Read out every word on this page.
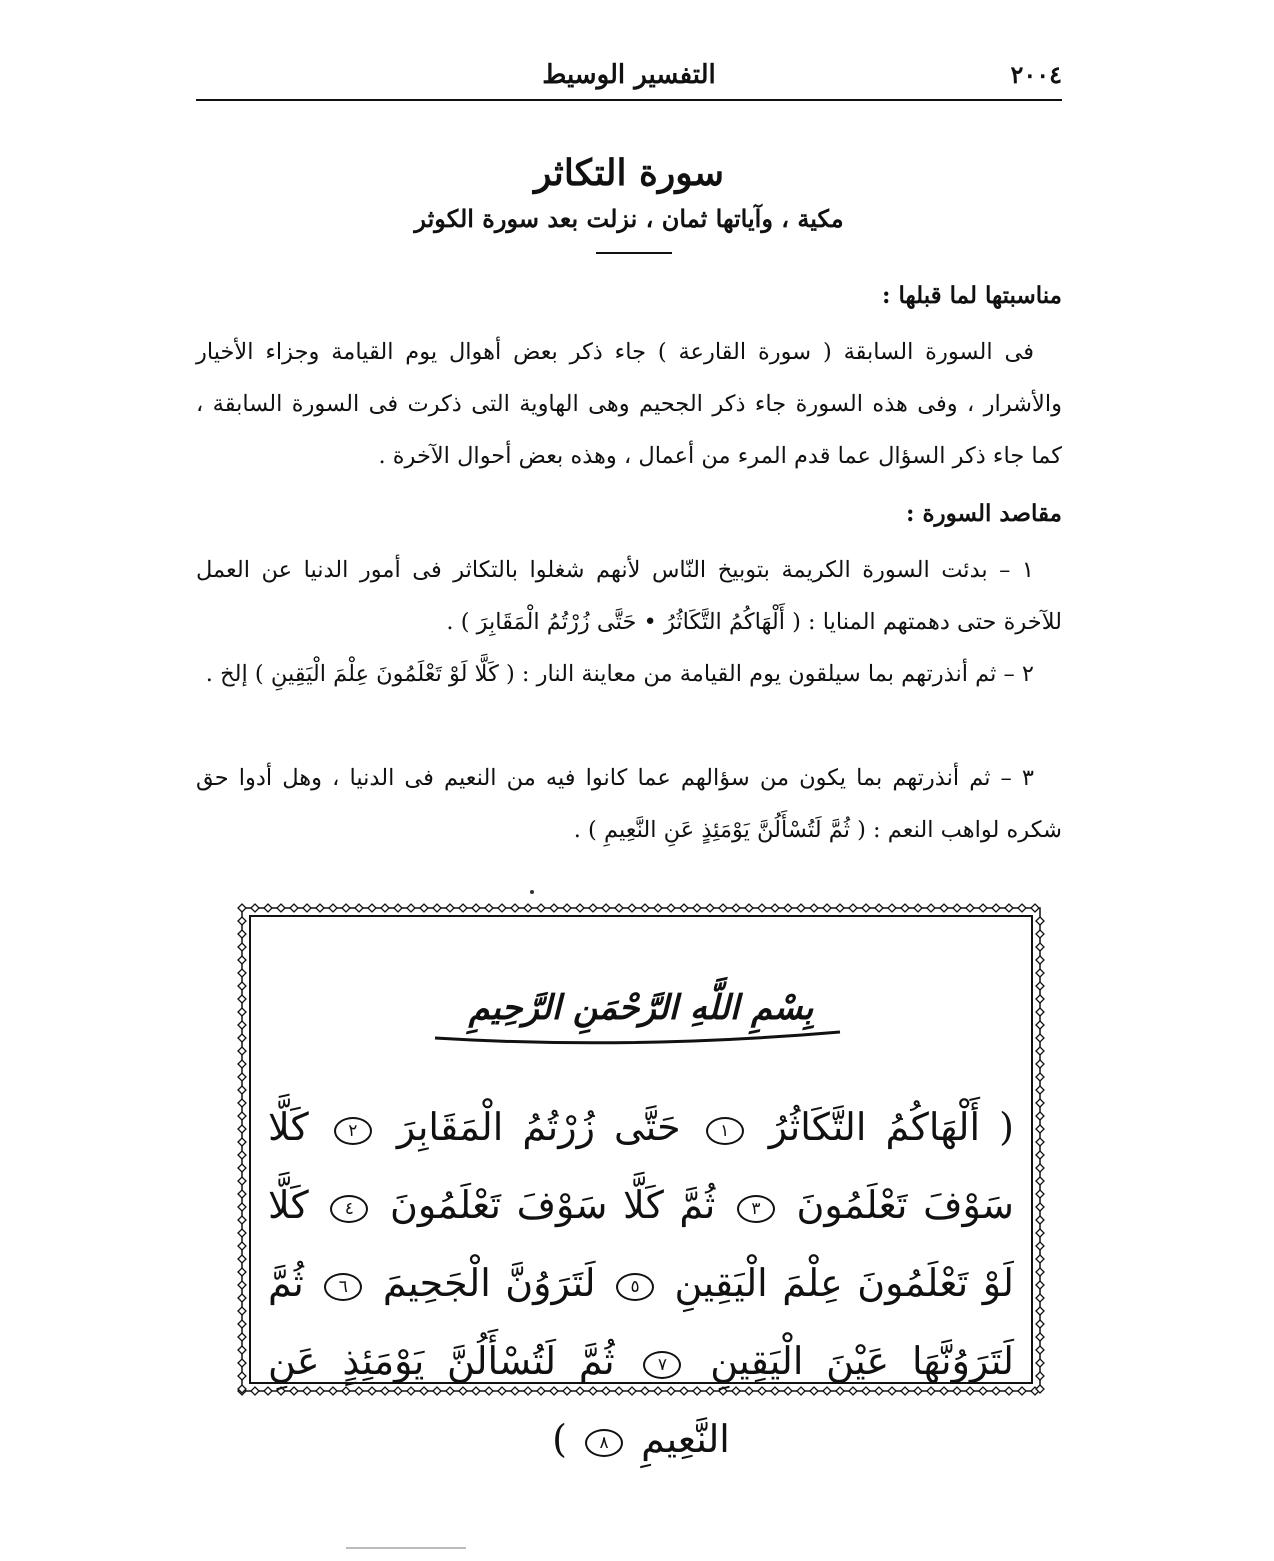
٢٠٠٤
التفسير الوسيط
سورة التكاثر
مكية ، وآياتها ثمان ، نزلت بعد سورة الكوثر
مناسبتها لما قبلها :
فى السورة السابقة ( سورة القارعة ) جاء ذكر بعض أهوال يوم القيامة وجزاء الأخيار والأشرار ، وفى هذه السورة جاء ذكر الجحيم وهى الهاوية التى ذكرت فى السورة السابقة ، كما جاء ذكر السؤال عما قدم المرء من أعمال ، وهذه بعض أحوال الآخرة .
مقاصد السورة :
١ – بدئت السورة الكريمة بتوبيخ النّاس لأنهم شغلوا بالتكاثر فى أمور الدنيا عن العمل للآخرة حتى دهمتهم المنايا : ( أَلْهَاكُمُ التَّكَاثُرُ • حَتَّى زُرْتُمُ الْمَقَابِرَ ) .
٢ – ثم أنذرتهم بما سيلقون يوم القيامة من معاينة النار : ( كَلَّا لَوْ تَعْلَمُونَ عِلْمَ الْيَقِينِ ) إلخ .
٣ – ثم أنذرتهم بما يكون من سؤالهم عما كانوا فيه من النعيم فى الدنيا ، وهل أدوا حق شكره لواهب النعم : ( ثُمَّ لَتُسْأَلُنَّ يَوْمَئِذٍ عَنِ النَّعِيمِ ) .
بِسْمِ اللَّهِ الرَّحْمَنِ الرَّحِيمِ
( أَلْهَاكُمُ التَّكَاثُرُ ١ حَتَّى زُرْتُمُ الْمَقَابِرَ ٢ كَلَّا سَوْفَ تَعْلَمُونَ ٣ ثُمَّ كَلَّا سَوْفَ تَعْلَمُونَ ٤ كَلَّا لَوْ تَعْلَمُونَ عِلْمَ الْيَقِينِ ٥ لَتَرَوُنَّ الْجَحِيمَ ٦ ثُمَّ لَتَرَوُنَّهَا عَيْنَ الْيَقِينِ ٧ ثُمَّ لَتُسْأَلُنَّ يَوْمَئِذٍ عَنِ النَّعِيمِ ٨ )
